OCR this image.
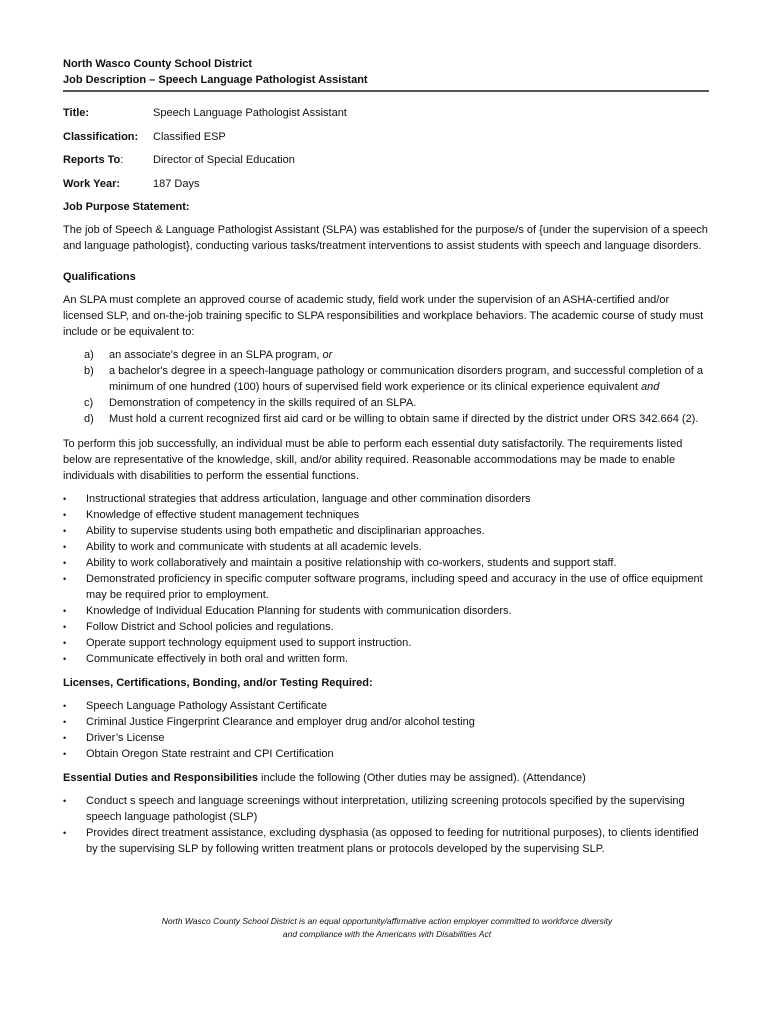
North Wasco County School District
Job Description – Speech Language Pathologist Assistant
Title:	Speech Language Pathologist Assistant
Classification:	Classified ESP
Reports To:	Director of Special Education
Work Year:	187 Days
Job Purpose Statement:

The job of Speech & Language Pathologist Assistant (SLPA) was established for the purpose/s of {under the supervision of a speech and language pathologist}, conducting various tasks/treatment interventions to assist students with speech and language disorders.

Qualifications

An SLPA must complete an approved course of academic study, field work under the supervision of an ASHA-certified and/or licensed SLP, and on-the-job training specific to SLPA responsibilities and workplace behaviors. The academic course of study must include or be equivalent to:

a)	an associate's degree in an SLPA program, or
b)	a bachelor's degree in a speech-language pathology or communication disorders program, and successful completion of a minimum of one hundred (100) hours of supervised field work experience or its clinical experience equivalent and
c)	Demonstration of competency in the skills required of an SLPA.
d)	Must hold a current recognized first aid card or be willing to obtain same if directed by the district under ORS 342.664 (2).

To perform this job successfully, an individual must be able to perform each essential duty satisfactorily. The requirements listed below are representative of the knowledge, skill, and/or ability required. Reasonable accommodations may be made to enable individuals with disabilities to perform the essential functions.

•	Instructional strategies that address articulation, language and other commination disorders
•	Knowledge of effective student management techniques
•	Ability to supervise students using both empathetic and disciplinarian approaches.
•	Ability to work and communicate with students at all academic levels.
•	Ability to work collaboratively and maintain a positive relationship with co-workers, students and support staff.
•	Demonstrated proficiency in specific computer software programs, including speed and accuracy in the use of office equipment may be required prior to employment.
•	Knowledge of Individual Education Planning for students with communication disorders.
•	Follow District and School policies and regulations.
•	Operate support technology equipment used to support instruction.
•	Communicate effectively in both oral and written form.
Licenses, Certifications, Bonding, and/or Testing Required:
•	Speech Language Pathology Assistant Certificate
•	Criminal Justice Fingerprint Clearance and employer drug and/or alcohol testing
•	Driver’s License
•	Obtain Oregon State restraint and CPI Certification
Essential Duties and Responsibilities include the following (Other duties may be assigned). (Attendance)
•	Conduct s speech and language screenings without interpretation, utilizing screening protocols specified by the supervising speech language pathologist (SLP)
•	Provides direct treatment assistance, excluding dysphasia (as opposed to feeding for nutritional purposes), to clients identified by the supervising SLP by following written treatment plans or protocols developed by the supervising SLP.
North Wasco County School District is an equal opportunity/affirmative action employer committed to workforce diversity
and compliance with the Americans with Disabilities Act
